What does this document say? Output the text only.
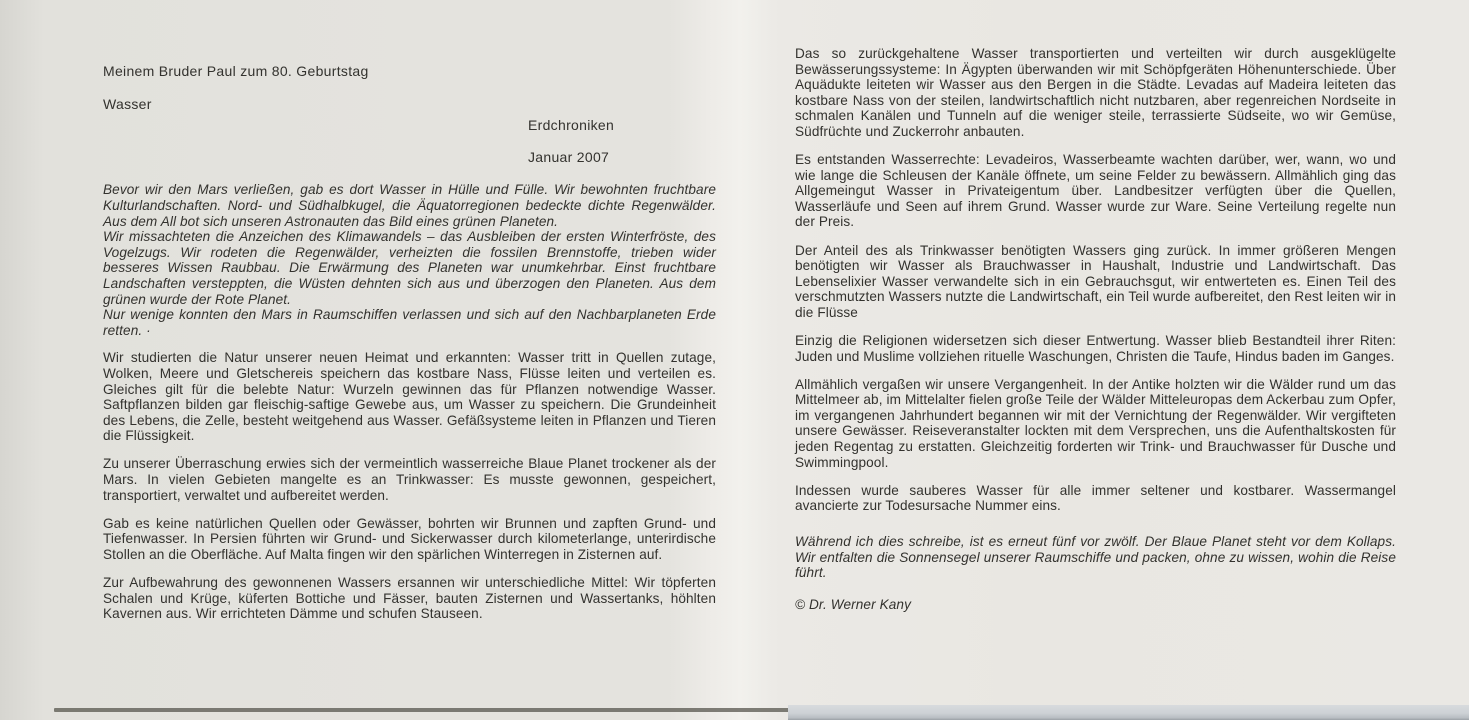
Meinem Bruder Paul zum 80. Geburtstag

Wasser

Erdchroniken

Januar 2007

Bevor wir den Mars verließen, gab es dort Wasser in Hülle und Fülle. Wir bewohnten fruchtbare Kulturlandschaften. Nord- und Südhalbkugel, die Äquatorregionen bedeckte dichte Regenwälder. Aus dem All bot sich unseren Astronauten das Bild eines grünen Planeten.

Wir missachteten die Anzeichen des Klimawandels – das Ausbleiben der ersten Winterfröste, des Vogelzugs. Wir rodeten die Regenwälder, verheizten die fossilen Brennstoffe, trieben wider besseres Wissen Raubbau. Die Erwärmung des Planeten war unumkehrbar. Einst fruchtbare Landschaften versteppten, die Wüsten dehnten sich aus und überzogen den Planeten. Aus dem grünen wurde der Rote Planet.

Nur wenige konnten den Mars in Raumschiffen verlassen und sich auf den Nachbarplaneten Erde retten. ·

Wir studierten die Natur unserer neuen Heimat und erkannten: Wasser tritt in Quellen zutage, Wolken, Meere und Gletschereis speichern das kostbare Nass, Flüsse leiten und verteilen es. Gleiches gilt für die belebte Natur: Wurzeln gewinnen das für Pflanzen notwendige Wasser. Saftpflanzen bilden gar fleischig-saftige Gewebe aus, um Wasser zu speichern. Die Grundeinheit des Lebens, die Zelle, besteht weitgehend aus Wasser. Gefäßsysteme leiten in Pflanzen und Tieren die Flüssigkeit.

Zu unserer Überraschung erwies sich der vermeintlich wasserreiche Blaue Planet trockener als der Mars. In vielen Gebieten mangelte es an Trinkwasser: Es musste gewonnen, gespeichert, transportiert, verwaltet und aufbereitet werden.

Gab es keine natürlichen Quellen oder Gewässer, bohrten wir Brunnen und zapften Grund- und Tiefenwasser. In Persien führten wir Grund- und Sickerwasser durch kilometerlange, unterirdische Stollen an die Oberfläche. Auf Malta fingen wir den spärlichen Winterregen in Zisternen auf.

Zur Aufbewahrung des gewonnenen Wassers ersannen wir unterschiedliche Mittel: Wir töpferten Schalen und Krüge, küferten Bottiche und Fässer, bauten Zisternen und Wassertanks, höhlten Kavernen aus. Wir errichteten Dämme und schufen Stauseen.

Das so zurückgehaltene Wasser transportierten und verteilten wir durch ausgeklügelte Bewässerungssysteme: In Ägypten überwanden wir mit Schöpfgeräten Höhenunterschiede. Über Aquädukte leiteten wir Wasser aus den Bergen in die Städte. Levadas auf Madeira leiteten das kostbare Nass von der steilen, landwirtschaftlich nicht nutzbaren, aber regenreichen Nordseite in schmalen Kanälen und Tunneln auf die weniger steile, terrassierte Südseite, wo wir Gemüse, Südfrüchte und Zuckerrohr anbauten.

Es entstanden Wasserrechte: Levadeiros, Wasserbeamte wachten darüber, wer, wann, wo und wie lange die Schleusen der Kanäle öffnete, um seine Felder zu bewässern. Allmählich ging das Allgemeingut Wasser in Privateigentum über. Landbesitzer verfügten über die Quellen, Wasserläufe und Seen auf ihrem Grund. Wasser wurde zur Ware. Seine Verteilung regelte nun der Preis.

Der Anteil des als Trinkwasser benötigten Wassers ging zurück. In immer größeren Mengen benötigten wir Wasser als Brauchwasser in Haushalt, Industrie und Landwirtschaft. Das Lebenselixier Wasser verwandelte sich in ein Gebrauchsgut, wir entwerteten es. Einen Teil des verschmutzten Wassers nutzte die Landwirtschaft, ein Teil wurde aufbereitet, den Rest leiten wir in die Flüsse

Einzig die Religionen widersetzen sich dieser Entwertung. Wasser blieb Bestandteil ihrer Riten: Juden und Muslime vollziehen rituelle Waschungen, Christen die Taufe, Hindus baden im Ganges.

Allmählich vergaßen wir unsere Vergangenheit. In der Antike holzten wir die Wälder rund um das Mittelmeer ab, im Mittelalter fielen große Teile der Wälder Mitteleuropas dem Ackerbau zum Opfer, im vergangenen Jahrhundert begannen wir mit der Vernichtung der Regenwälder. Wir vergifteten unsere Gewässer. Reiseveranstalter lockten mit dem Versprechen, uns die Aufenthaltskosten für jeden Regentag zu erstatten. Gleichzeitig forderten wir Trink- und Brauchwasser für Dusche und Swimmingpool.

Indessen wurde sauberes Wasser für alle immer seltener und kostbarer. Wassermangel avancierte zur Todesursache Nummer eins.

Während ich dies schreibe, ist es erneut fünf vor zwölf. Der Blaue Planet steht vor dem Kollaps. Wir entfalten die Sonnensegel unserer Raumschiffe und packen, ohne zu wissen, wohin die Reise führt.

© Dr. Werner Kany
